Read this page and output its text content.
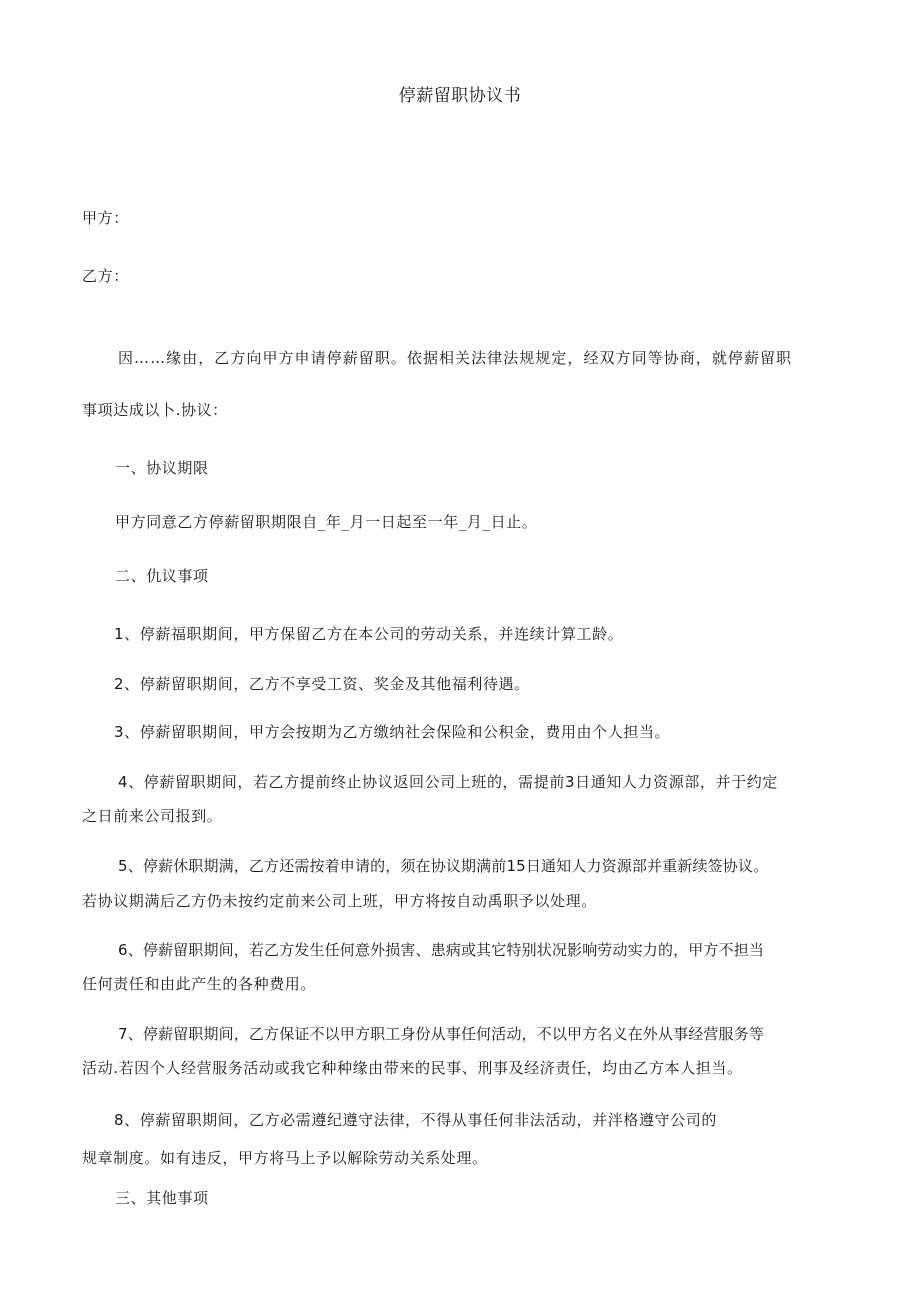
停薪留职协议书
甲方：
乙方：
因……缘由，乙方向甲方申请停薪留职。依据相关法律法规规定，经双方同等协商，就停薪留职
事项达成以卜.协议：
一、协议期限
甲方同意乙方停薪留职期限自_年_月一日起至一年_月_日止。
二、仇议事项
1、停薪福职期间，甲方保留乙方在本公司的劳动关系，并连续计算工龄。
2、停薪留职期间，乙方不享受工资、奖金及其他福利待遇。
3、停薪留职期间，甲方会按期为乙方缴纳社会保险和公积金，费用由个人担当。
4、停薪留职期间，若乙方提前终止协议返回公司上班的，需提前3日通知人力资源部，并于约定
之日前来公司报到。
5、停薪休职期满，乙方还需按着申请的，须在协议期满前15日通知人力资源部并重新续签协议。
若协议期满后乙方仍未按约定前来公司上班，甲方将按自动禹职予以处理。
6、停薪留职期间，若乙方发生任何意外损害、患病或其它特别状况影响劳动实力的，甲方不担当
任何责任和由此产生的各种费用。
7、停薪留职期间，乙方保证不以甲方职工身份从事任何活动，不以甲方名义在外从事经营服务等
活动.若因个人经营服务活动或我它种种缘由带来的民事、刑事及经济责任，均由乙方本人担当。
8、停薪留职期间，乙方必需遵纪遵守法律，不得从事任何非法活动，并泮格遵守公司的
规章制度。如有违反，甲方将马上予以解除劳动关系处理。
三、其他事项
